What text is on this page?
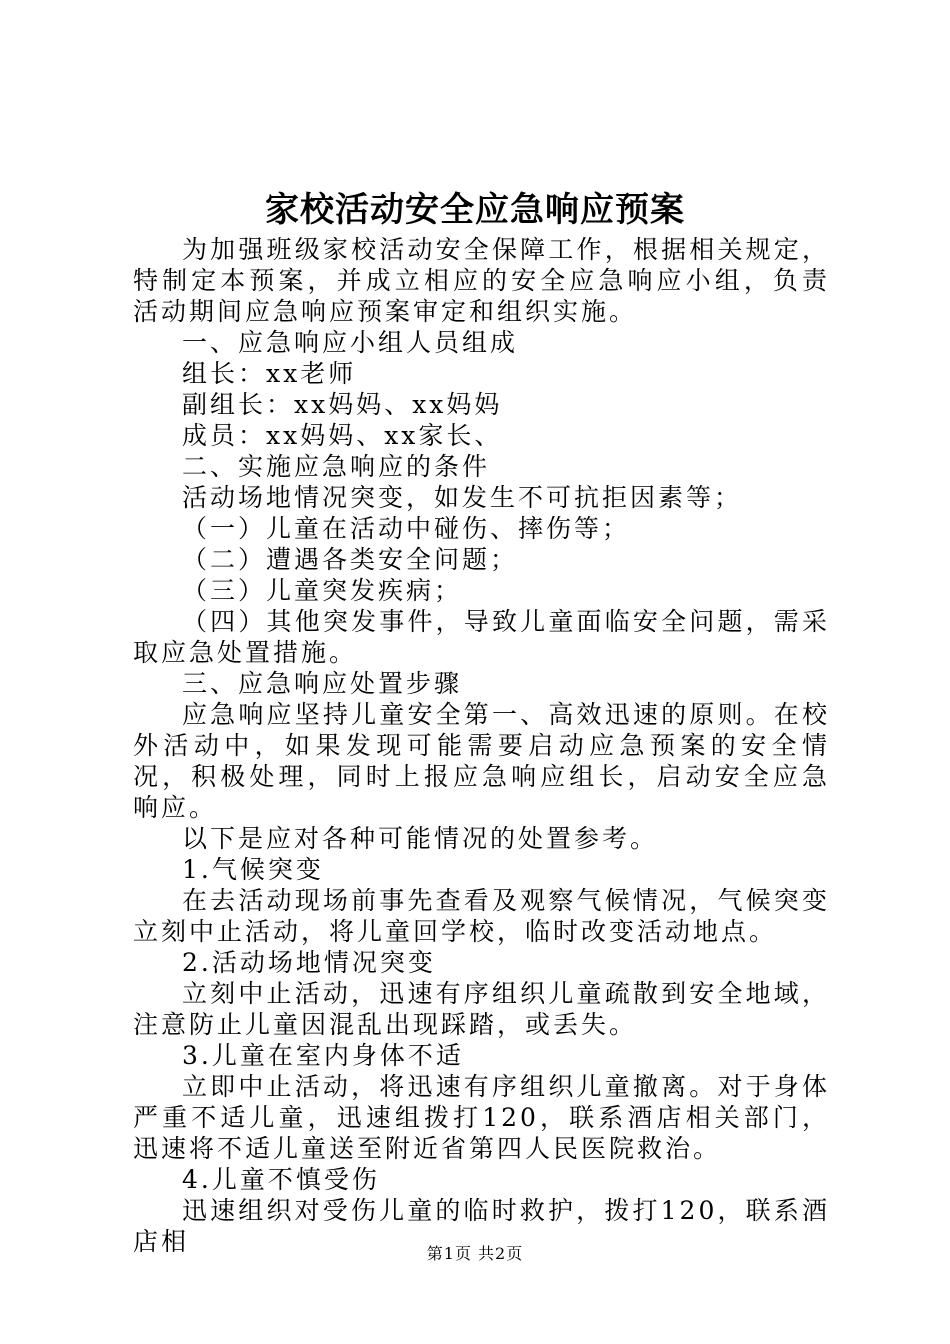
家校活动安全应急响应预案

为加强班级家校活动安全保障工作，根据相关规定，特制定本预案，并成立相应的安全应急响应小组，负责活动期间应急响应预案审定和组织实施。

一、应急响应小组人员组成

组长：xx老师

副组长：xx妈妈、xx妈妈

成员：xx妈妈、xx家长、

二、实施应急响应的条件

活动场地情况突变，如发生不可抗拒因素等；

（一）儿童在活动中碰伤、摔伤等；

（二）遭遇各类安全问题；

（三）儿童突发疾病；

（四）其他突发事件，导致儿童面临安全问题，需采取应急处置措施。

三、应急响应处置步骤

应急响应坚持儿童安全第一、高效迅速的原则。在校外活动中，如果发现可能需要启动应急预案的安全情况，积极处理，同时上报应急响应组长，启动安全应急响应。

以下是应对各种可能情况的处置参考。

1.气候突变

在去活动现场前事先查看及观察气候情况，气候突变立刻中止活动，将儿童回学校，临时改变活动地点。

2.活动场地情况突变

立刻中止活动，迅速有序组织儿童疏散到安全地域，注意防止儿童因混乱出现踩踏，或丢失。

3.儿童在室内身体不适

立即中止活动，将迅速有序组织儿童撤离。对于身体严重不适儿童，迅速组拨打120，联系酒店相关部门，迅速将不适儿童送至附近省第四人民医院救治。

4.儿童不慎受伤

迅速组织对受伤儿童的临时救护，拨打120，联系酒店相	第1页 共2页
